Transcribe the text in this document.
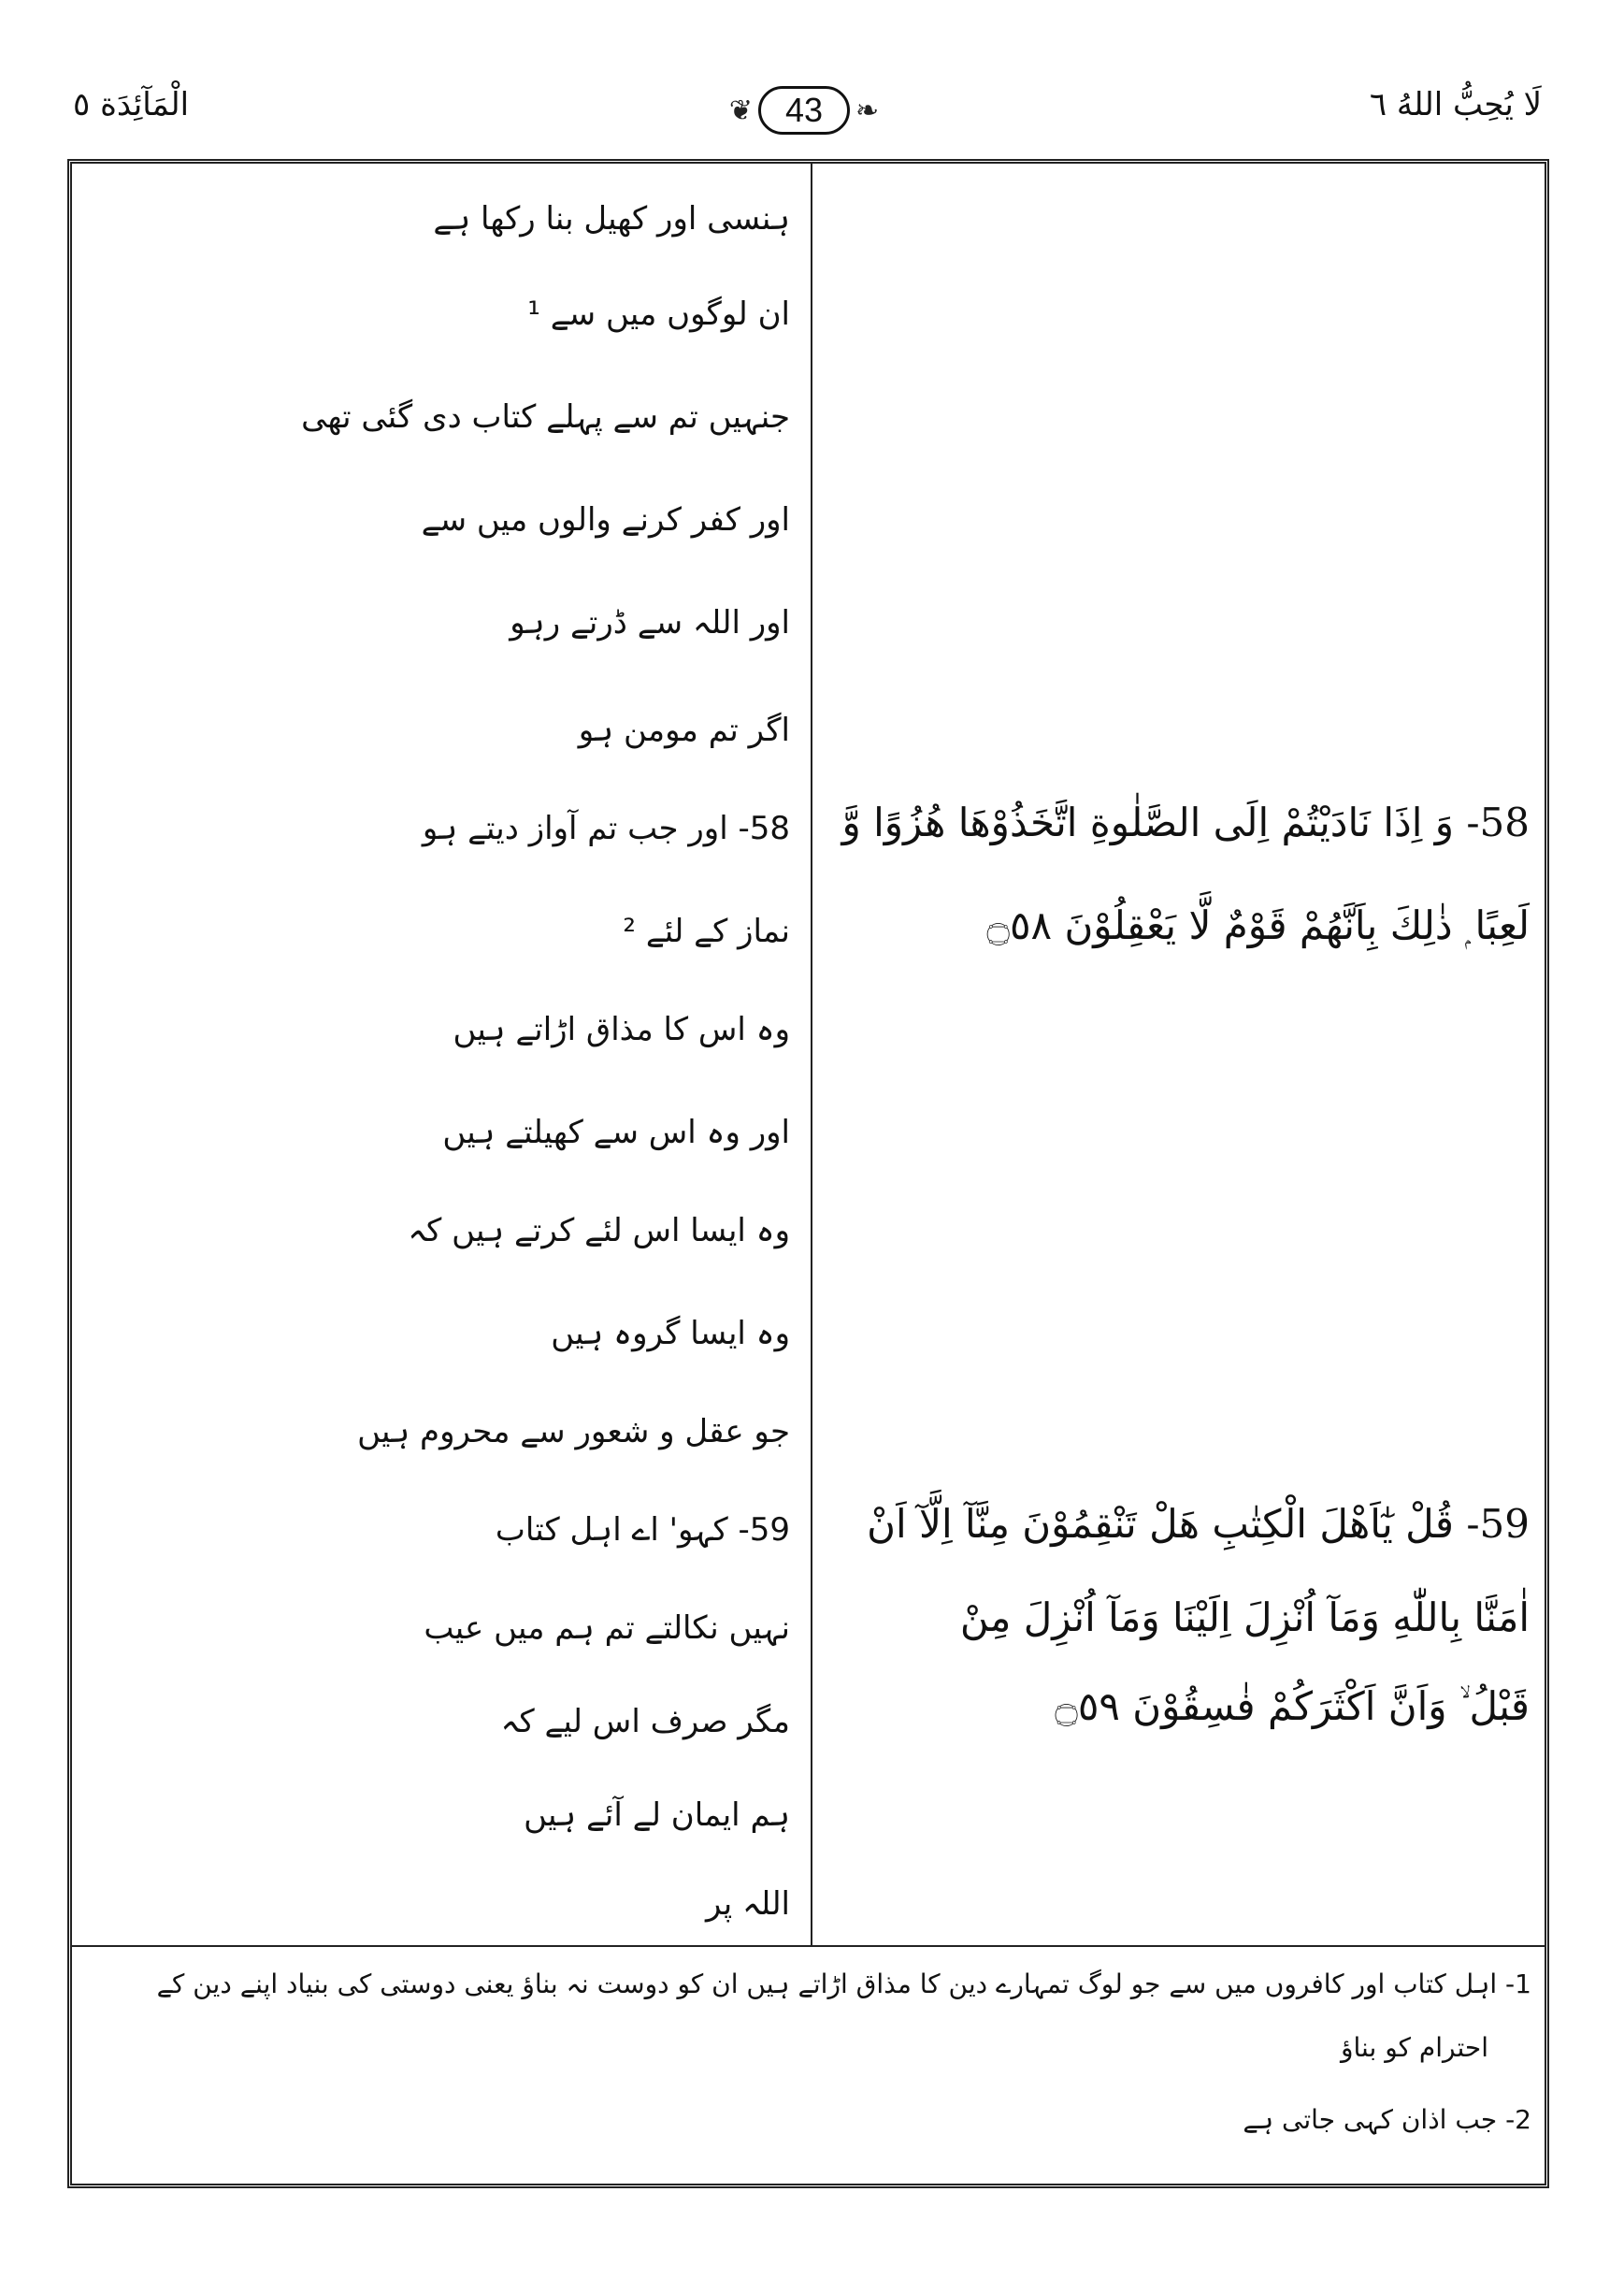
الْمَآئِدَة ٥	❦ 43	❧	لَا يُحِبُّ اللهُ ٦
ہنسی اور کھیل بنا رکھا ہے
ان لوگوں میں سے ¹
جنہیں تم سے پہلے کتاب دی گئی تھی
اور کفر کرنے والوں میں سے
اور اللہ سے ڈرتے رہو
اگر تم مومن ہو
58- اور جب تم آواز دیتے ہو
نماز کے لئے ²
وہ اس کا مذاق اڑاتے ہیں
اور وہ اس سے کھیلتے ہیں
وہ ایسا اس لئے کرتے ہیں کہ
وہ ایسا گروہ ہیں
جو عقل و شعور سے محروم ہیں
59- کہو' اے اہل کتاب
نہیں نکالتے تم ہم میں عیب
مگر صرف اس لیے کہ
ہم ایمان لے آئے ہیں
اللہ پر
58- وَ اِذَا نَادَيْتُمْ اِلَى الصَّلٰوةِ اتَّخَذُوْهَا هُزُوًا وَّ
لَعِبًا ۭ ذٰلِكَ بِاَنَّهُمْ قَوْمٌ لَّا يَعْقِلُوْنَ ۝٥٨
59- قُلْ يٰٓاَهْلَ الْكِتٰبِ هَلْ تَنْقِمُوْنَ مِنَّآ اِلَّآ اَنْ
اٰمَنَّا بِاللّٰهِ وَمَآ اُنْزِلَ اِلَيْنَا وَمَآ اُنْزِلَ مِنْ
قَبْلُ ۙ وَاَنَّ اَكْثَرَكُمْ فٰسِقُوْنَ ۝٥٩
1- اہل کتاب اور کافروں میں سے جو لوگ تمہارے دین کا مذاق اڑاتے ہیں ان کو دوست نہ بناؤ یعنی دوستی کی بنیاد اپنے دین کے
احترام کو بناؤ
2- جب اذان کہی جاتی ہے
